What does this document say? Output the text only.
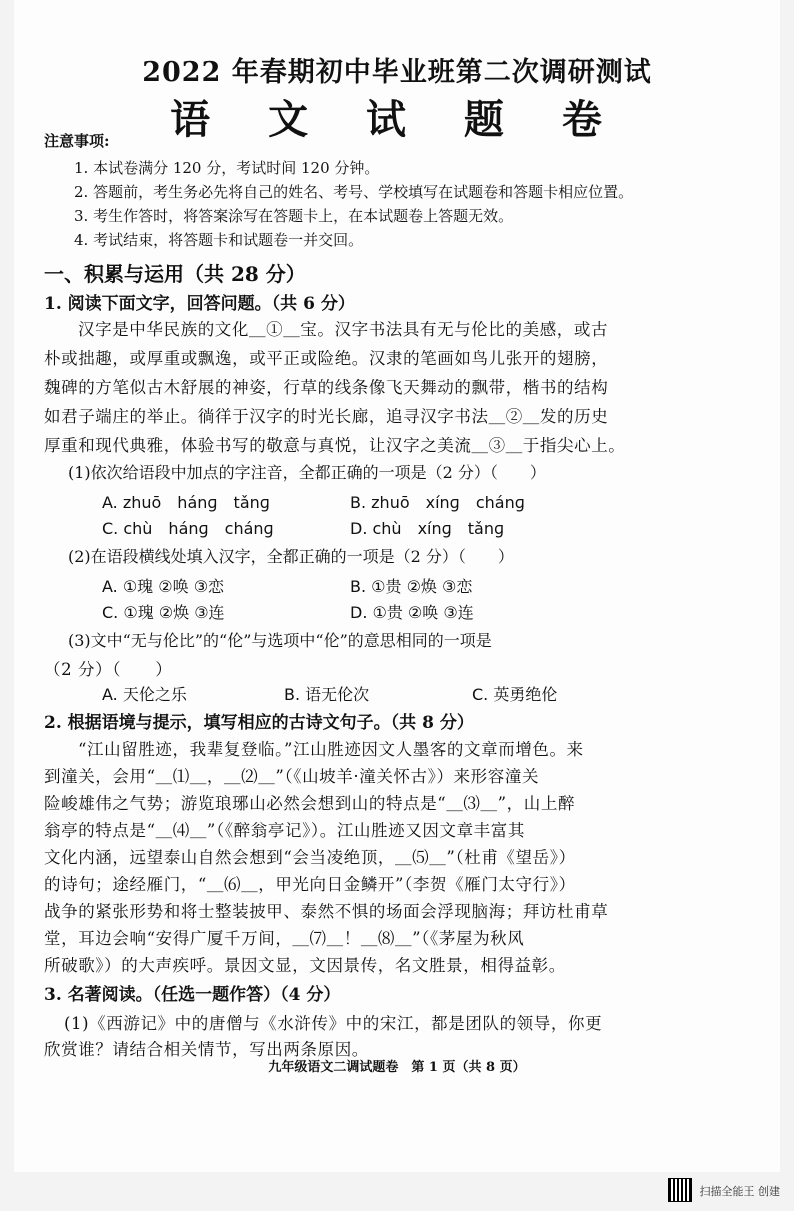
2022 年春期初中毕业班第二次调研测试
语 文 试 题 卷
注意事项:
1. 本试卷满分 120 分，考试时间 120 分钟。
2. 答题前，考生务必先将自己的姓名、考号、学校填写在试题卷和答题卡相应位置。
3. 考生作答时，将答案涂写在答题卡上，在本试题卷上答题无效。
4. 考试结束，将答题卡和试题卷一并交回。
一、积累与运用（共 28 分）
1. 阅读下面文字，回答问题。（共 6 分）
汉字是中华民族的文化＿①＿宝。汉字书法具有无与伦比的美感，或古
朴或拙趣，或厚重或飘逸，或平正或险绝。汉隶的笔画如鸟儿张开的翅膀，
魏碑的方笔似古木舒展的神姿，行草的线条像飞天舞动的飘带，楷书的结构
如君子端庄的举止。徜徉于汉字的时光长廊，追寻汉字书法＿②＿发的历史
厚重和现代典雅，体验书写的敬意与真悦，让汉字之美流＿③＿于指尖心上。
(1)依次给语段中加点的字注音，全都正确的一项是（2 分）（　　）
A. zhuō　hánɡ　tǎnɡ	B. zhuō　xínɡ　chánɡ
C. chù　hánɡ　chánɡ	D. chù　xínɡ　tǎnɡ
(2)在语段横线处填入汉字，全都正确的一项是（2 分）（　　）
A. ①瑰 ②唤 ③恋	B. ①贵 ②焕 ③恋
C. ①瑰 ②焕 ③连	D. ①贵 ②唤 ③连
(3)文中“无与伦比”的“伦”与选项中“伦”的意思相同的一项是
（2 分）（　　）
A. 天伦之乐	B. 语无伦次	C. 英勇绝伦
2. 根据语境与提示，填写相应的古诗文句子。（共 8 分）
“江山留胜迹，我辈复登临。”江山胜迹因文人墨客的文章而增色。来
到潼关，会用“＿⑴＿，＿⑵＿”（《山坡羊·潼关怀古》）来形容潼关
险峻雄伟之气势；游览琅琊山必然会想到山的特点是“＿⑶＿”，山上醉
翁亭的特点是“＿⑷＿”（《醉翁亭记》）。江山胜迹又因文章丰富其
文化内涵，远望泰山自然会想到“会当凌绝顶，＿⑸＿”（杜甫《望岳》）
的诗句；途经雁门，“＿⑹＿，甲光向日金鳞开”（李贺《雁门太守行》）
战争的紧张形势和将士整装披甲、泰然不惧的场面会浮现脑海；拜访杜甫草
堂，耳边会响“安得广厦千万间，＿⑺＿！＿⑻＿”（《茅屋为秋风
所破歌》）的大声疾呼。景因文显，文因景传，名文胜景，相得益彰。
3. 名著阅读。（任选一题作答）（4 分）
(1)《西游记》中的唐僧与《水浒传》中的宋江，都是团队的领导，你更
欣赏谁？请结合相关情节，写出两条原因。
九年级语文二调试题卷　第 1 页（共 8 页）
扫描全能王 创建
